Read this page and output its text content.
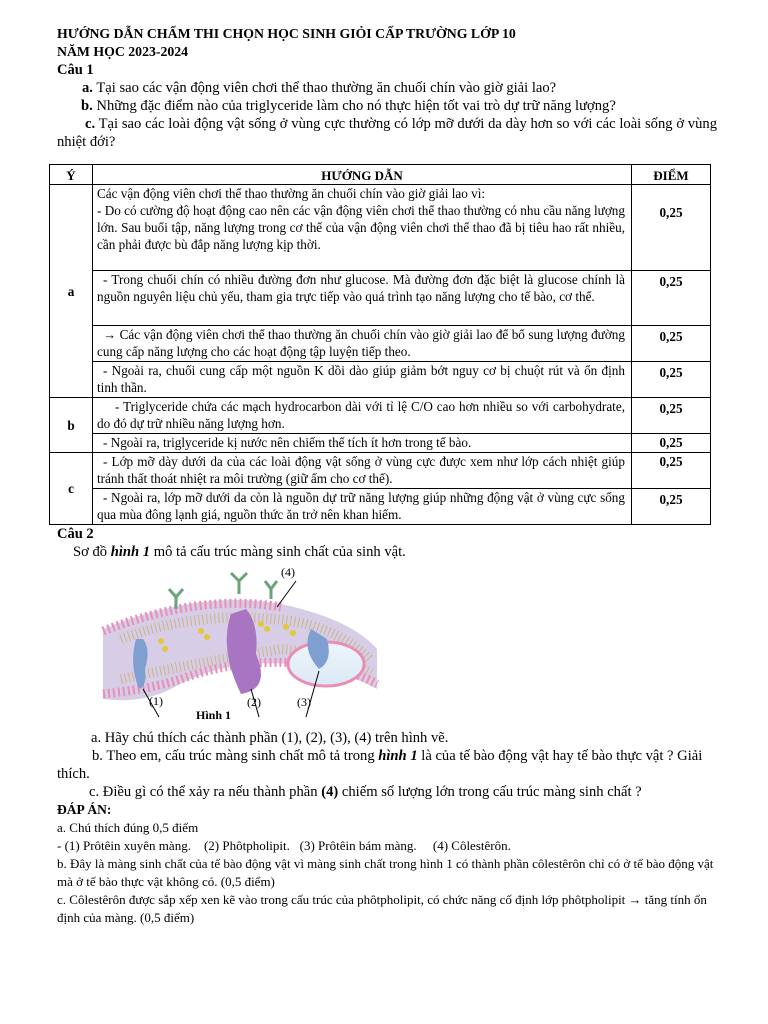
HƯỚNG DẪN CHẤM THI CHỌN HỌC SINH GIỎI CẤP TRƯỜNG LỚP 10
NĂM HỌC 2023-2024
Câu 1
a. Tại sao các vận động viên chơi thể thao thường ăn chuối chín vào giờ giải lao?
b. Những đặc điểm nào của triglyceride làm cho nó thực hiện tốt vai trò dự trữ năng lượng?
c. Tại sao các loài động vật sống ở vùng cực thường có lớp mỡ dưới da dày hơn so với các loài sống ở vùng nhiệt đới?
Ý	HƯỚNG DẪN	ĐIỂM
a	Các vận động viên chơi thể thao thường ăn chuối chín vào giờ giải lao vì:
- Do có cường độ hoạt động cao nên các vận động viên chơi thể thao thường có nhu cầu năng lượng lớn. Sau buổi tập, năng lượng trong cơ thể của vận động viên chơi thể thao đã bị tiêu hao rất nhiều, cần phải được bù đắp năng lượng kịp thời.	0,25
	- Trong chuối chín có nhiều đường đơn như glucose. Mà đường đơn đặc biệt là glucose chính là nguồn nguyên liệu chủ yếu, tham gia trực tiếp vào quá trình tạo năng lượng cho tế bào, cơ thể.	0,25
	→ Các vận động viên chơi thể thao thường ăn chuối chín vào giờ giải lao để bổ sung lượng đường cung cấp năng lượng cho các hoạt động tập luyện tiếp theo.	0,25
	- Ngoài ra, chuối cung cấp một nguồn K dồi dào giúp giảm bớt nguy cơ bị chuột rút và ổn định tinh thần.	0,25
b	- Triglyceride chứa các mạch hydrocarbon dài với tỉ lệ C/O cao hơn nhiều so với carbohydrate, do đó dự trữ nhiều năng lượng hơn.	0,25
	- Ngoài ra, triglyceride kị nước nên chiếm thể tích ít hơn trong tế bào.	0,25
c	- Lớp mỡ dày dưới da của các loài động vật sống ở vùng cực được xem như lớp cách nhiệt giúp tránh thất thoát nhiệt ra môi trường (giữ ấm cho cơ thể).	0,25
	- Ngoài ra, lớp mỡ dưới da còn là nguồn dự trữ năng lượng giúp những động vật ở vùng cực sống qua mùa đông lạnh giá, nguồn thức ăn trở nên khan hiếm.	0,25
Câu 2
Sơ đồ hình 1 mô tả cấu trúc màng sinh chất của sinh vật.
(1)	(2)	(3)
(4)
Hình 1
a. Hãy chú thích các thành phần (1), (2), (3), (4) trên hình vẽ.
b. Theo em, cấu trúc màng sinh chất mô tả trong hình 1 là của tế bào động vật hay tế bào thực vật ? Giải thích.
c. Điều gì có thể xảy ra nếu thành phần (4) chiếm số lượng lớn trong cấu trúc màng sinh chất ?
ĐÁP ÁN:
a. Chú thích đúng 0,5 điểm
- (1) Prôtêin xuyên màng.    (2) Phôtpholipit.   (3) Prôtêin bám màng.     (4) Côlestêrôn.
b. Đây là màng sinh chất của tế bào động vật vì màng sinh chất trong hình 1 có thành phần côlestêrôn chỉ có ở tế bào động vật mà ở tế bào thực vật không có. (0,5 điểm)
c. Côlestêrôn được sắp xếp xen kẽ vào trong cấu trúc của phôtpholipit, có chức năng cố định lớp phôtpholipit → tăng tính ổn định của màng. (0,5 điểm)
